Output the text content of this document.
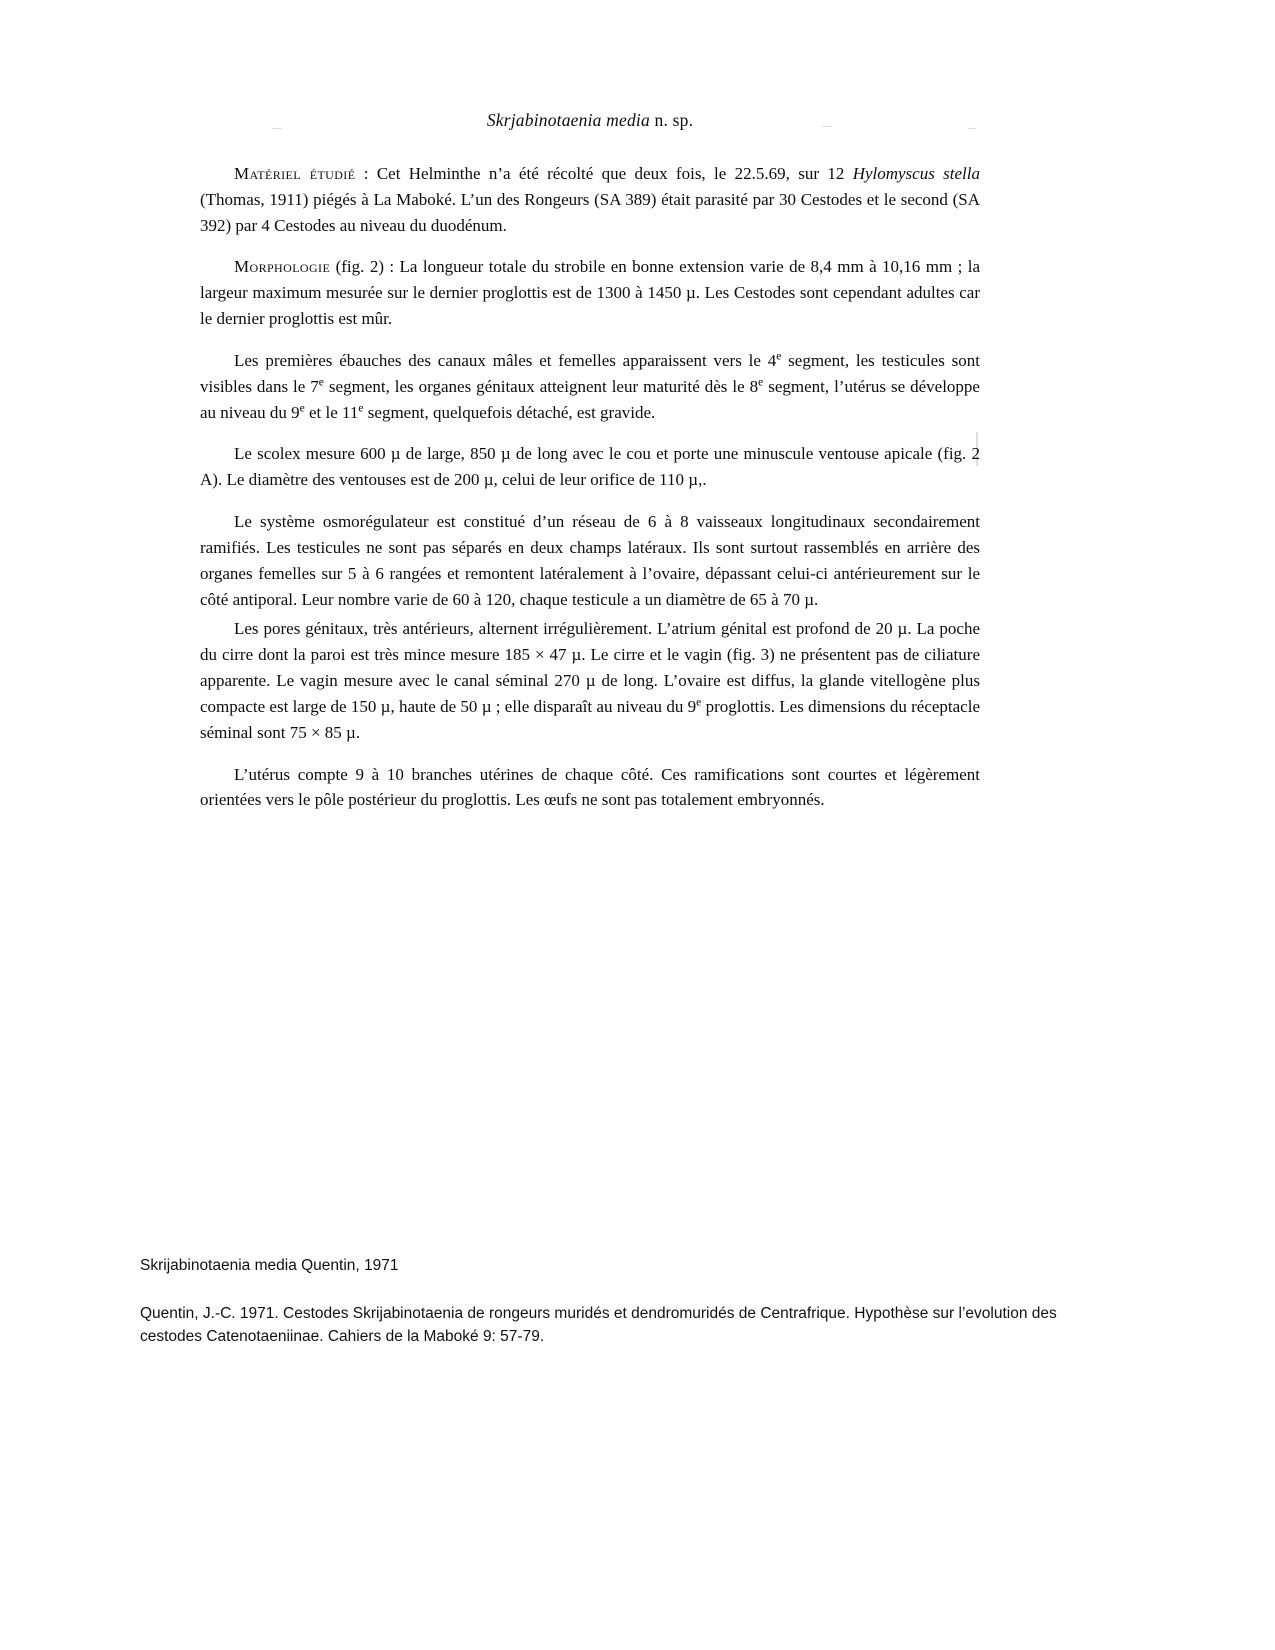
Skrjabinotaenia media n. sp.

Matériel étudié : Cet Helminthe n’a été récolté que deux fois, le 22.5.69, sur 12 Hylomyscus stella (Thomas, 1911) piégés à La Maboké. L’un des Rongeurs (SA 389) était parasité par 30 Cestodes et le second (SA 392) par 4 Cestodes au niveau du duodénum.

Morphologie (fig. 2) : La longueur totale du strobile en bonne extension varie de 8,4 mm à 10,16 mm ; la largeur maximum mesurée sur le dernier proglottis est de 1300 à 1450 µ. Les Cestodes sont cependant adultes car le dernier proglottis est mûr.

Les premières ébauches des canaux mâles et femelles apparaissent vers le 4e segment, les testicules sont visibles dans le 7e segment, les organes génitaux atteignent leur maturité dès le 8e segment, l’utérus se développe au niveau du 9e et le 11e segment, quelquefois détaché, est gravide.

Le scolex mesure 600 µ de large, 850 µ de long avec le cou et porte une minuscule ventouse apicale (fig. 2 A). Le diamètre des ventouses est de 200 µ, celui de leur orifice de 110 µ,.

Le système osmorégulateur est constitué d’un réseau de 6 à 8 vaisseaux longitudinaux secondairement ramifiés. Les testicules ne sont pas séparés en deux champs latéraux. Ils sont surtout rassemblés en arrière des organes femelles sur 5 à 6 rangées et remontent latéralement à l’ovaire, dépassant celui-ci antérieurement sur le côté antiporal. Leur nombre varie de 60 à 120, chaque testicule a un diamètre de 65 à 70 µ.

Les pores génitaux, très antérieurs, alternent irrégulièrement. L’atrium génital est profond de 20 µ. La poche du cirre dont la paroi est très mince mesure 185 × 47 µ. Le cirre et le vagin (fig. 3) ne présentent pas de ciliature apparente. Le vagin mesure avec le canal séminal 270 µ de long. L’ovaire est diffus, la glande vitellogène plus compacte est large de 150 µ, haute de 50 µ ; elle disparaît au niveau du 9e proglottis. Les dimensions du réceptacle séminal sont 75 × 85 µ.

L’utérus compte 9 à 10 branches utérines de chaque côté. Ces ramifications sont courtes et légèrement orientées vers le pôle postérieur du proglottis. Les œufs ne sont pas totalement embryonnés.

Skrijabinotaenia media Quentin, 1971

Quentin, J.-C. 1971. Cestodes Skrijabinotaenia de rongeurs muridés et dendromuridés de Centrafrique. Hypothèse sur l’evolution des cestodes Catenotaeniinae. Cahiers de la Maboké 9: 57-79.
